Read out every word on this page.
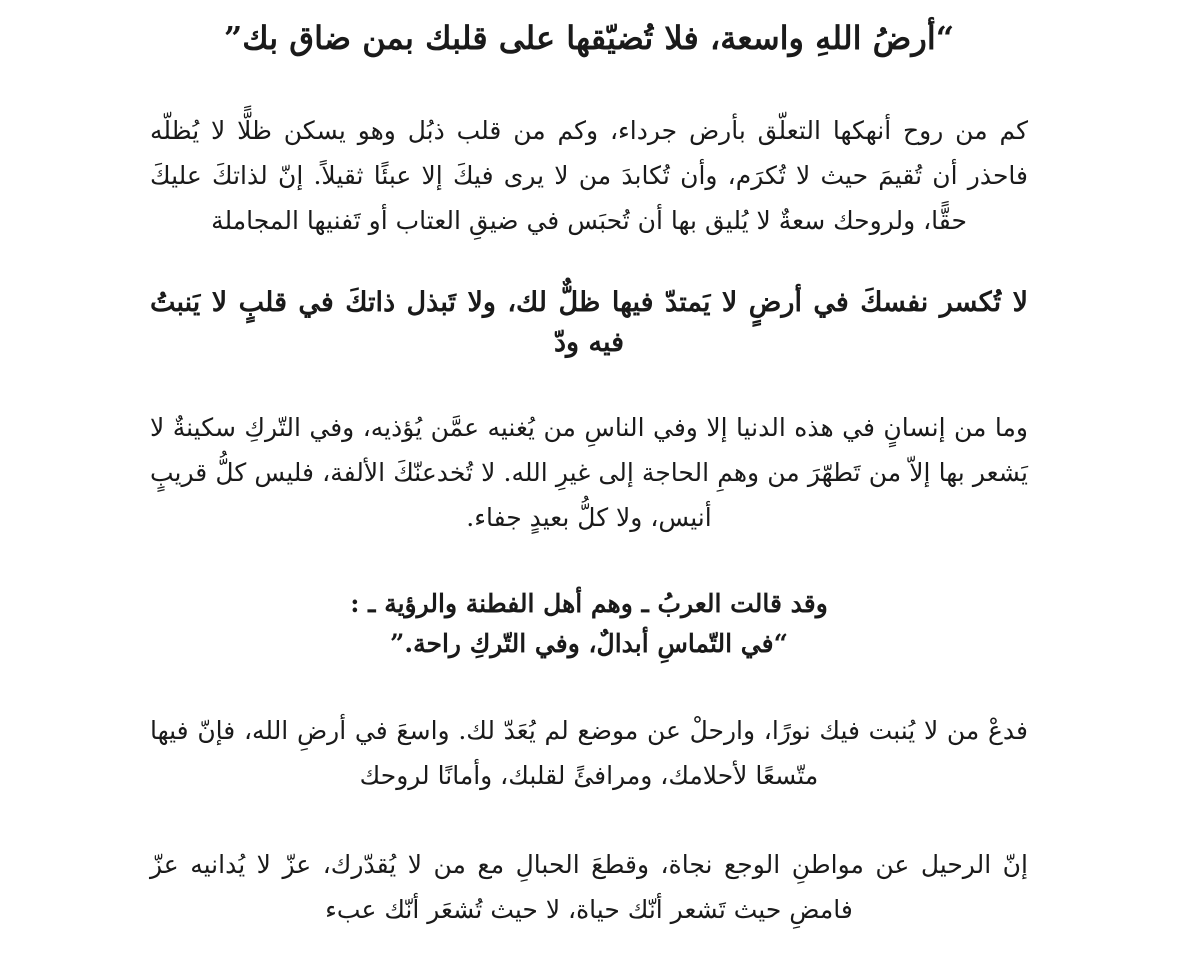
“أرضُ اللهِ واسعة، فلا تُضيّقها على قلبك بمن ضاق بك”

كم من روح أنهكها التعلّق بأرض جرداء، وكم من قلب ذبُل وهو يسكن ظلًّا لا يُظلّه فاحذر أن تُقيمَ حيث لا تُكرَم، وأن تُكابدَ من لا يرى فيكَ إلا عبئًا ثقيلاً. إنّ لذاتكَ عليكَ حقًّا، ولروحك سعةٌ لا يُليق بها أن تُحبَس في ضيقِ العتاب أو تَفنيها المجاملة

لا تُكسر نفسكَ في أرضٍ لا يَمتدّ فيها ظلٌّ لك، ولا تَبذل ذاتكَ في قلبٍ لا يَنبتُ فيه ودّ

وما من إنسانٍ في هذه الدنيا إلا وفي الناسِ من يُغنيه عمَّن يُؤذيه، وفي التّركِ سكينةٌ لا يَشعر بها إلاّ من تَطهّرَ من وهمِ الحاجة إلى غيرِ الله. لا تُخدعنّكَ الألفة، فليس كلُّ قريبٍ أنيس، ولا كلُّ بعيدٍ جفاء.

وقد قالت العربُ ـ وهم أهل الفطنة والرؤية ـ :
“في التّماسِ أبدالٌ، وفي التّركِ راحة.”

فدعْ من لا يُنبت فيك نورًا، وارحلْ عن موضع لم يُعَدّ لك. واسعَ في أرضِ الله، فإنّ فيها متّسعًا لأحلامك، ومرافئً لقلبك، وأمانًا لروحك

إنّ الرحيل عن مواطنِ الوجع نجاة، وقطعَ الحبالِ مع من لا يُقدّرك، عزّ لا يُدانيه عزّ فامضِ حيث تَشعر أنّك حياة، لا حيث تُشعَر أنّك عبء
